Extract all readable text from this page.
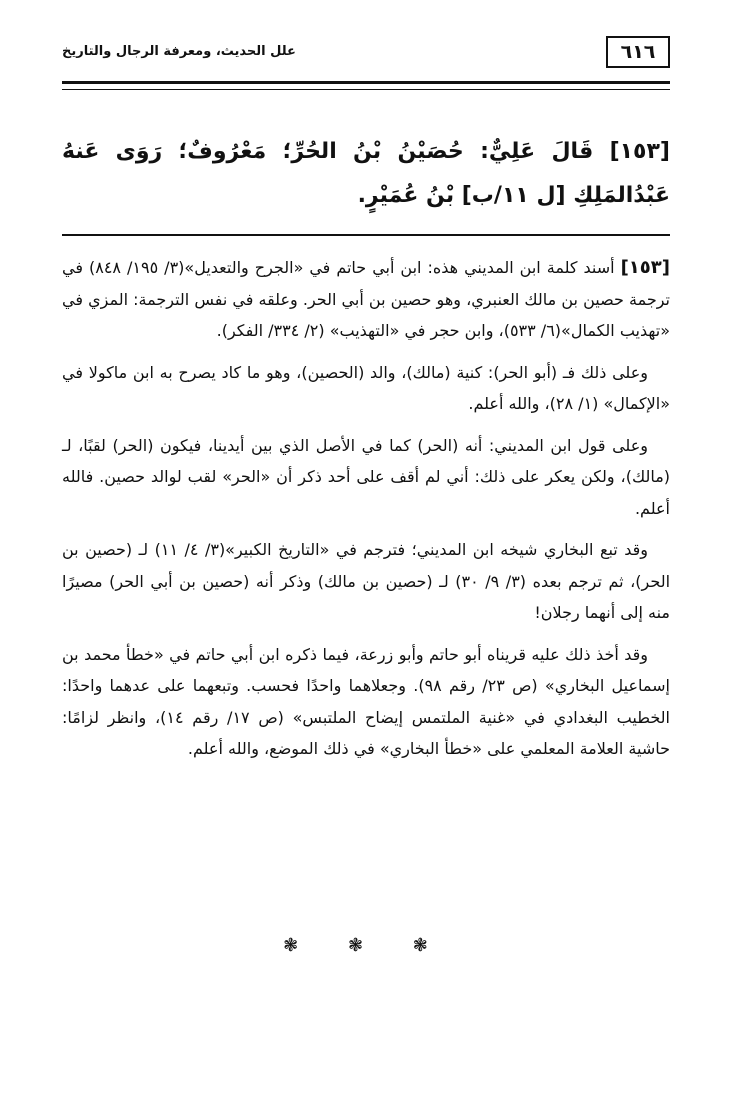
٦١٦
علل الحديث، ومعرفة الرجال والتاريخ
[١٥٣] قَالَ عَلِيٌّ: حُصَيْنُ بْنُ الحُرِّ؛ مَعْرُوفٌ؛ رَوَى عَنهُ عَبْدُالمَلِكِ [ل ١١/ب] بْنُ عُمَيْرٍ.

[١٥٣] أسند كلمة ابن المديني هذه: ابن أبي حاتم في «الجرح والتعديل»(٣/ ١٩٥/ ٨٤٨) في ترجمة حصين بن مالك العنبري، وهو حصين بن أبي الحر. وعلقه في نفس الترجمة: المزي في «تهذيب الكمال»(٦/ ٥٣٣)، وابن حجر في «التهذيب» (٢/ ٣٣٤/ الفكر).

وعلى ذلك فـ (أبو الحر): كنية (مالك)، والد (الحصين)، وهو ما كاد يصرح به ابن ماكولا في «الإكمال» (١/ ٢٨)، والله أعلم.

وعلى قول ابن المديني: أنه (الحر) كما في الأصل الذي بين أيدينا، فيكون (الحر) لقبًا، لـ (مالك)، ولكن يعكر على ذلك: أني لم أقف على أحد ذكر أن «الحر» لقب لوالد حصين. فالله أعلم.

وقد تبع البخاري شيخه ابن المديني؛ فترجم في «التاريخ الكبير»(٣/ ٤/ ١١) لـ (حصين بن الحر)، ثم ترجم بعده (٣/ ٩/ ٣٠) لـ (حصين بن مالك) وذكر أنه (حصين بن أبي الحر) مصيرًا منه إلى أنهما رجلان!

وقد أخذ ذلك عليه قريناه أبو حاتم وأبو زرعة، فيما ذكره ابن أبي حاتم في «خطأ محمد بن إسماعيل البخاري» (ص ٢٣/ رقم ٩٨). وجعلاهما واحدًا فحسب. وتبعهما على عدهما واحدًا: الخطيب البغدادي في «غنية الملتمس إيضاح الملتبس» (ص ١٧/ رقم ١٤)، وانظر لزامًا: حاشية العلامة المعلمي على «خطأ البخاري» في ذلك الموضع، والله أعلم.

❃ ❃ ❃
